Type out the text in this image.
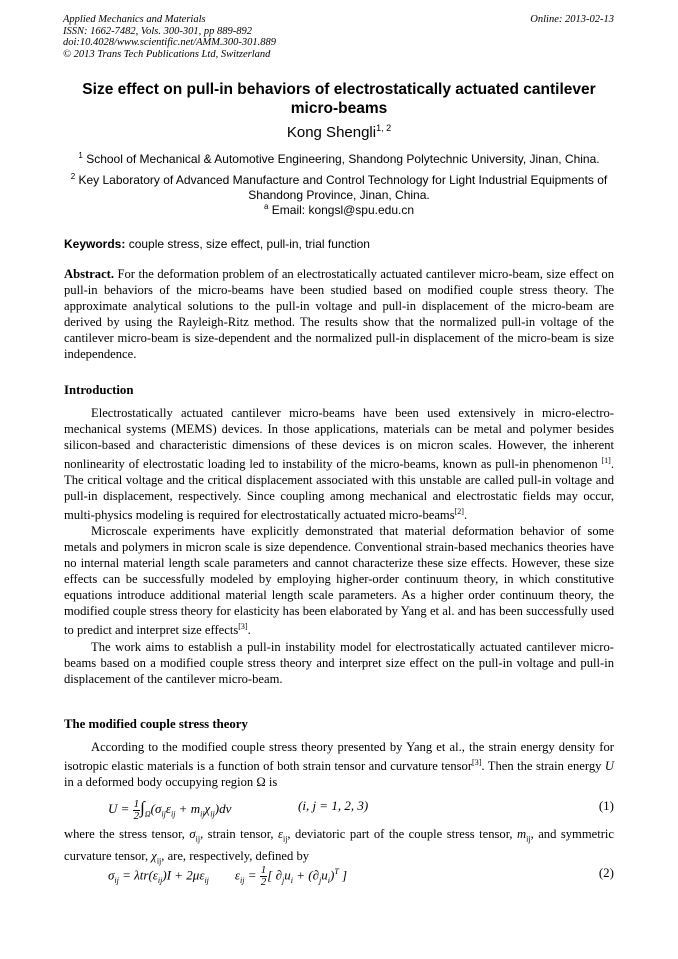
Applied Mechanics and Materials
ISSN: 1662-7482, Vols. 300-301, pp 889-892
doi:10.4028/www.scientific.net/AMM.300-301.889
© 2013 Trans Tech Publications Ltd, Switzerland
Online: 2013-02-13
Size effect on pull-in behaviors of electrostatically actuated cantilever micro-beams
Kong Shengli$^{1, 2}$
$^1$ School of Mechanical & Automotive Engineering, Shandong Polytechnic University, Jinan, China.
$^2$ Key Laboratory of Advanced Manufacture and Control Technology for Light Industrial Equipments of Shandong Province, Jinan, China.
$^a$ Email: kongsl@spu.edu.cn
Keywords: couple stress, size effect, pull-in, trial function

Abstract. For the deformation problem of an electrostatically actuated cantilever micro-beam, size effect on pull-in behaviors of the micro-beams have been studied based on modified couple stress theory. The approximate analytical solutions to the pull-in voltage and pull-in displacement of the micro-beam are derived by using the Rayleigh-Ritz method. The results show that the normalized pull-in voltage of the cantilever micro-beam is size-dependent and the normalized pull-in displacement of the micro-beam is size independence.

Introduction

Electrostatically actuated cantilever micro-beams have been used extensively in micro-electro-mechanical systems (MEMS) devices. In those applications, materials can be metal and polymer besides silicon-based and characteristic dimensions of these devices is on micron scales. However, the inherent nonlinearity of electrostatic loading led to instability of the micro-beams, known as pull-in phenomenon [1]. The critical voltage and the critical displacement associated with this unstable are called pull-in voltage and pull-in displacement, respectively. Since coupling among mechanical and electrostatic fields may occur, multi-physics modeling is required for electrostatically actuated micro-beams[2].

Microscale experiments have explicitly demonstrated that material deformation behavior of some metals and polymers in micron scale is size dependence. Conventional strain-based mechanics theories have no internal material length scale parameters and cannot characterize these size effects. However, these size effects can be successfully modeled by employing higher-order continuum theory, in which constitutive equations introduce additional material length scale parameters. As a higher order continuum theory, the modified couple stress theory for elasticity has been elaborated by Yang et al. and has been successfully used to predict and interpret size effects[3].

The work aims to establish a pull-in instability model for electrostatically actuated cantilever micro-beams based on a modified couple stress theory and interpret size effect on the pull-in voltage and pull-in displacement of the cantilever micro-beam.

The modified couple stress theory

According to the modified couple stress theory presented by Yang et al., the strain energy density for isotropic elastic materials is a function of both strain tensor and curvature tensor[3]. Then the strain energy U in a deformed body occupying region Ω is

$U = \frac{1}{2} \int_\Omega(\sigma_{ij}\varepsilon_{ij} + m_{ij}\chi_{ij})dv$	(i, j = 1, 2, 3)	(1)

where the stress tensor, $\sigma_{ij}$, strain tensor, $\varepsilon_{ij}$, deviatoric part of the couple stress tensor, $m_{ij}$, and symmetric curvature tensor, $\chi_{ij}$, are, respectively, defined by

$\sigma_{ij} = \lambda tr(\varepsilon_{ij})I + 2\mu\varepsilon_{ij}$ $\varepsilon_{ij} = \frac{1}{2}$ [ $\partial_ju_i + (\partial_ju_i)^T$ ]	(2)
